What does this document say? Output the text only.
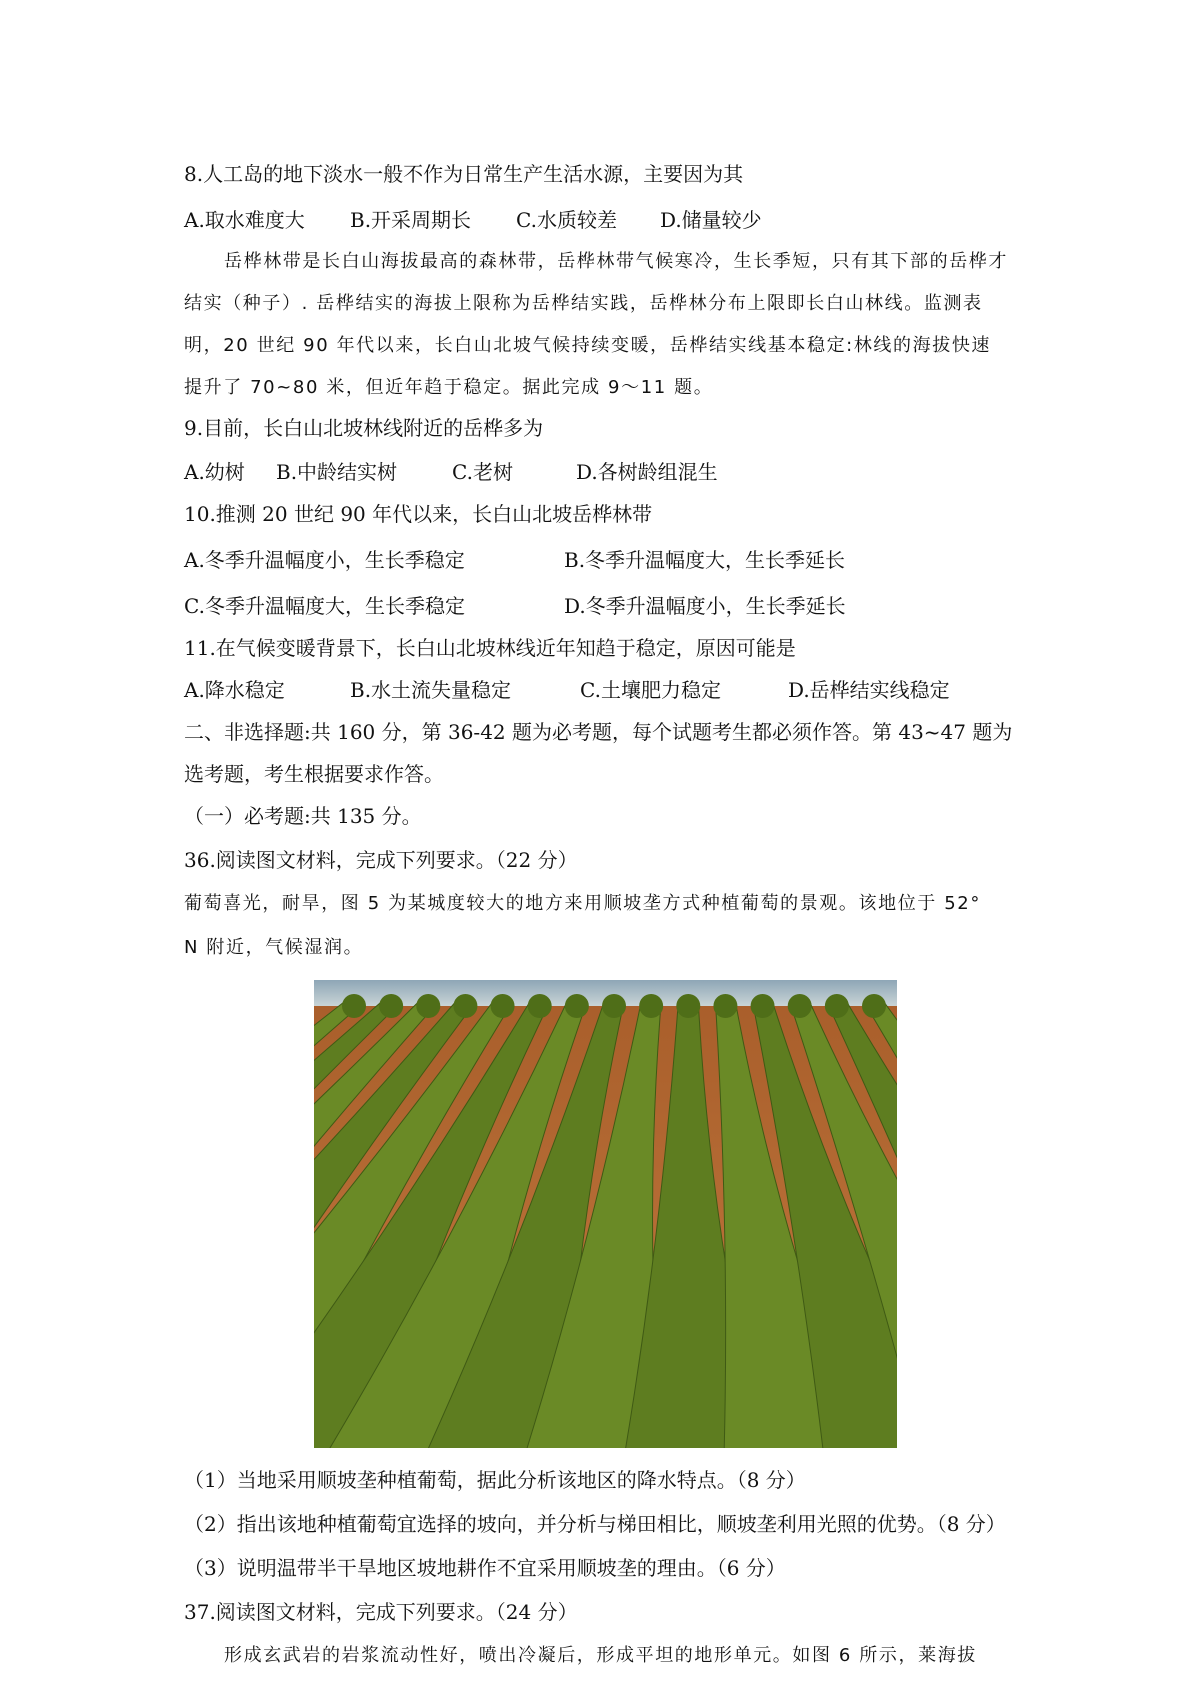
8.人工岛的地下淡水一般不作为日常生产生活水源，主要因为其
A.取水难度大 B.开采周期长 C.水质较差 D.储量较少
岳桦林带是长白山海拔最高的森林带，岳桦林带气候寒冷，生长季短，只有其下部的岳桦才
结实（种子）. 岳桦结实的海拔上限称为岳桦结实践，岳桦林分布上限即长白山林线。监测表
明，20 世纪 90 年代以来，长白山北坡气候持续变暖，岳桦结实线基本稳定:林线的海拔快速
提升了 70~80 米，但近年趋于稳定。据此完成 9～11 题。
9.目前，长白山北坡林线附近的岳桦多为
A.幼树 B.中龄结实树	C.老树	D.各树龄组混生
10.推测 20 世纪 90 年代以来，长白山北坡岳桦林带
A.冬季升温幅度小，生长季稳定	B.冬季升温幅度大，生长季延长
C.冬季升温幅度大，生长季稳定	D.冬季升温幅度小，生长季延长
11.在气候变暖背景下，长白山北坡林线近年知趋于稳定，原因可能是
A.降水稳定	B.水土流失量稳定	C.土壤肥力稳定	D.岳桦结实线稳定
二、非选择题:共 160 分，第 36-42 题为必考题，每个试题考生都必须作答。第 43~47 题为
选考题，考生根据要求作答。
（一）必考题:共 135 分。
36.阅读图文材料，完成下列要求。（22 分）
葡萄喜光，耐旱，图 5 为某城度较大的地方来用顺坡垄方式种植葡萄的景观。该地位于 52°
N 附近，气候湿润。
（1）当地采用顺坡垄种植葡萄，据此分析该地区的降水特点。（8 分）
（2）指出该地种植葡萄宜选择的坡向，并分析与梯田相比，顺坡垄利用光照的优势。（8 分）
（3）说明温带半干旱地区坡地耕作不宜采用顺坡垄的理由。（6 分）
37.阅读图文材料，完成下列要求。（24 分）
形成玄武岩的岩浆流动性好，喷出冷凝后，形成平坦的地形单元。如图 6 所示，莱海拔
